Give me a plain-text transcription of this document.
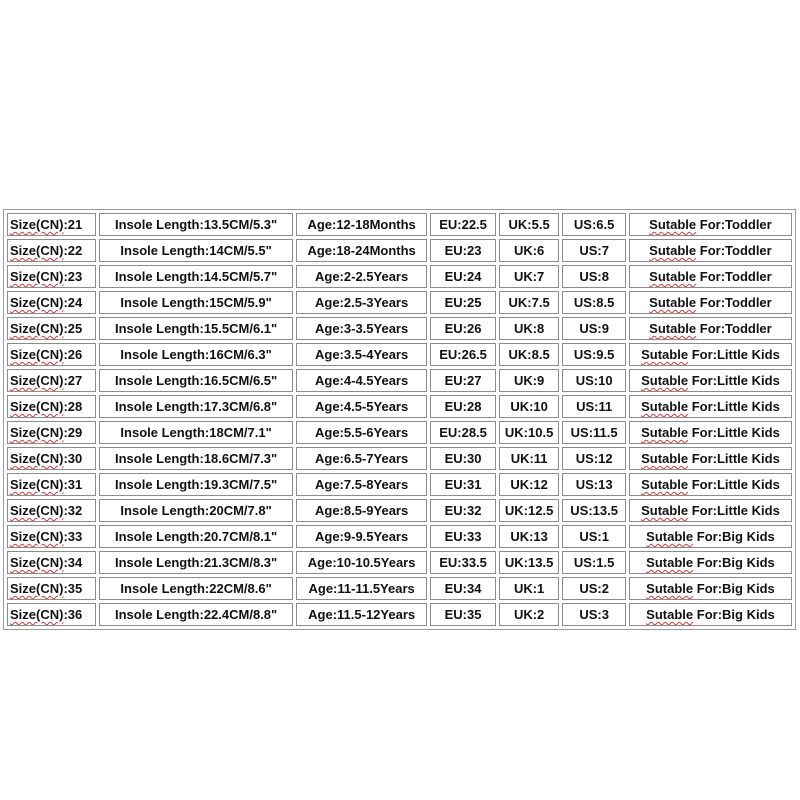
Size(CN):21	Insole Length:13.5CM/5.3"	Age:12-18Months	EU:22.5	UK:5.5	US:6.5	Sutable For:Toddler
Size(CN):22	Insole Length:14CM/5.5"	Age:18-24Months	EU:23	UK:6	US:7	Sutable For:Toddler
Size(CN):23	Insole Length:14.5CM/5.7"	Age:2-2.5Years	EU:24	UK:7	US:8	Sutable For:Toddler
Size(CN):24	Insole Length:15CM/5.9"	Age:2.5-3Years	EU:25	UK:7.5	US:8.5	Sutable For:Toddler
Size(CN):25	Insole Length:15.5CM/6.1"	Age:3-3.5Years	EU:26	UK:8	US:9	Sutable For:Toddler
Size(CN):26	Insole Length:16CM/6.3"	Age:3.5-4Years	EU:26.5	UK:8.5	US:9.5	Sutable For:Little Kids
Size(CN):27	Insole Length:16.5CM/6.5"	Age:4-4.5Years	EU:27	UK:9	US:10	Sutable For:Little Kids
Size(CN):28	Insole Length:17.3CM/6.8"	Age:4.5-5Years	EU:28	UK:10	US:11	Sutable For:Little Kids
Size(CN):29	Insole Length:18CM/7.1"	Age:5.5-6Years	EU:28.5	UK:10.5	US:11.5	Sutable For:Little Kids
Size(CN):30	Insole Length:18.6CM/7.3"	Age:6.5-7Years	EU:30	UK:11	US:12	Sutable For:Little Kids
Size(CN):31	Insole Length:19.3CM/7.5"	Age:7.5-8Years	EU:31	UK:12	US:13	Sutable For:Little Kids
Size(CN):32	Insole Length:20CM/7.8"	Age:8.5-9Years	EU:32	UK:12.5	US:13.5	Sutable For:Little Kids
Size(CN):33	Insole Length:20.7CM/8.1"	Age:9-9.5Years	EU:33	UK:13	US:1	Sutable For:Big Kids
Size(CN):34	Insole Length:21.3CM/8.3"	Age:10-10.5Years	EU:33.5	UK:13.5	US:1.5	Sutable For:Big Kids
Size(CN):35	Insole Length:22CM/8.6"	Age:11-11.5Years	EU:34	UK:1	US:2	Sutable For:Big Kids
Size(CN):36	Insole Length:22.4CM/8.8"	Age:11.5-12Years	EU:35	UK:2	US:3	Sutable For:Big Kids
